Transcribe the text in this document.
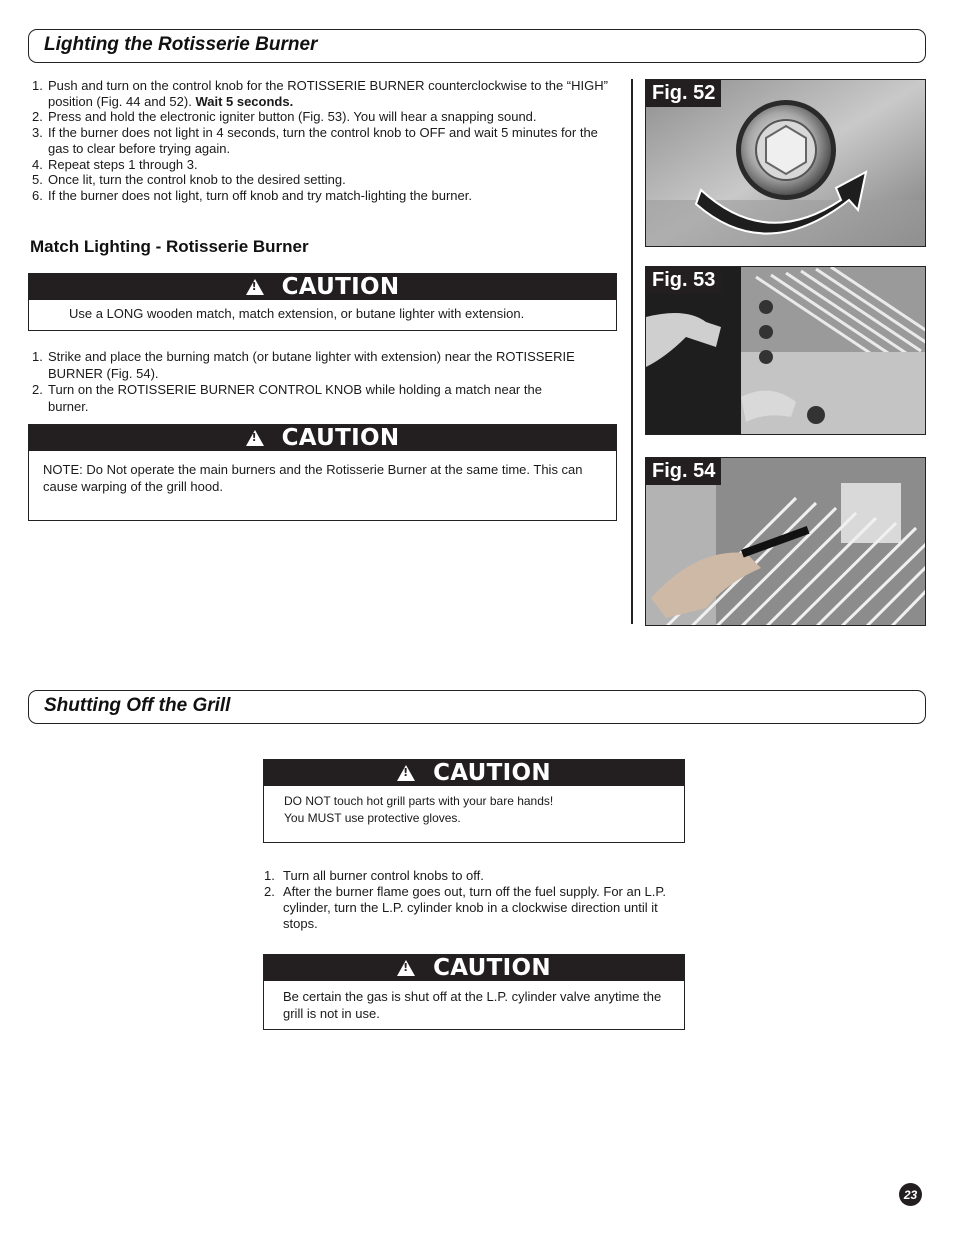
Lighting the Rotisserie Burner
1. Push and turn on the control knob for the ROTISSERIE BURNER counterclockwise to the “HIGH” position (Fig. 44 and 52). Wait 5 seconds.
2. Press and hold the electronic igniter button (Fig. 53). You will hear a snapping sound.
3. If the burner does not light in 4 seconds, turn the control knob to OFF and wait 5 minutes for the gas to clear before trying again.
4. Repeat steps 1 through 3.
5. Once lit, turn the control knob to the desired setting.
6. If the burner does not light, turn off knob and try match-lighting the burner.
Match Lighting - Rotisserie Burner
!
CAUTION
Use a LONG wooden match, match extension, or butane lighter with extension.
1. Strike and place the burning match (or butane lighter with extension) near the ROTISSERIE BURNER (Fig. 54).
2. Turn on the ROTISSERIE BURNER CONTROL KNOB while holding a match near the burner.
!
CAUTION
NOTE: Do Not operate the main burners and the Rotisserie Burner at the same time. This can cause warping of the grill hood.
Fig. 52
Fig. 53
Fig. 54
Shutting Off the Grill
!
CAUTION
DO NOT touch hot grill parts with your bare hands!
You MUST use protective gloves.
1. Turn all burner control knobs to off.
2. After the burner flame goes out, turn off the fuel supply. For an L.P. cylinder, turn the L.P. cylinder knob in a clockwise direction until it stops.
!
CAUTION
Be certain the gas is shut off at the L.P. cylinder valve anytime the grill is not in use.
23
